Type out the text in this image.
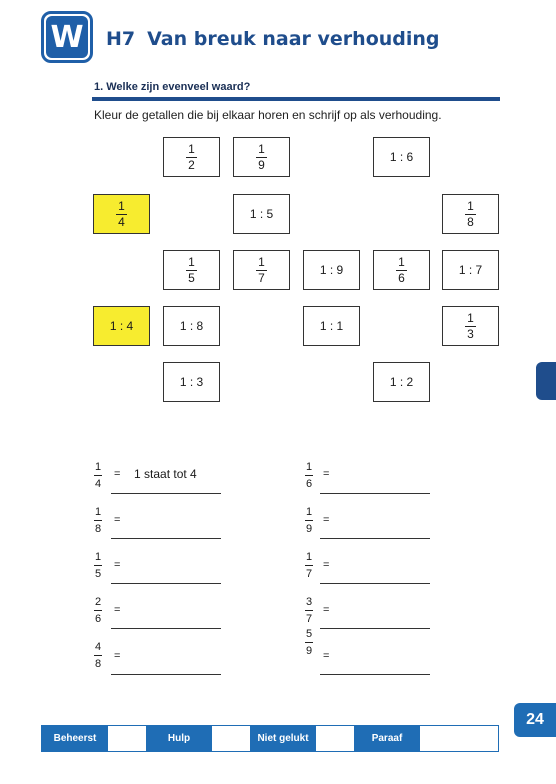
W H7 Van breuk naar verhouding
1. Welke zijn evenveel waard?
Kleur de getallen die bij elkaar horen en schrijf op als verhouding.
$\frac{1}{2}$	$\frac{1}{9}$	1 : 6
$\frac{1}{4}$	1 : 5	$\frac{1}{8}$
$\frac{1}{5}$	$\frac{1}{7}$	1 : 9	$\frac{1}{6}$	1 : 7
1 : 4	1 : 8	1 : 1	$\frac{1}{3}$
1 : 3	1 : 2
$\frac{1}{4} = 1$ staat tot 4
$\frac{1}{8}$ =
$\frac{1}{5}$ =
$\frac{2}{6}$ =
$\frac{4}{8}$ =
$\frac{1}{6}$ =
$\frac{1}{9}$ =
$\frac{1}{7}$ =
$\frac{3}{7}$ =
$\frac{5}{9}$ =
24
Beheerst	Hulp	Niet gelukt	Paraaf
